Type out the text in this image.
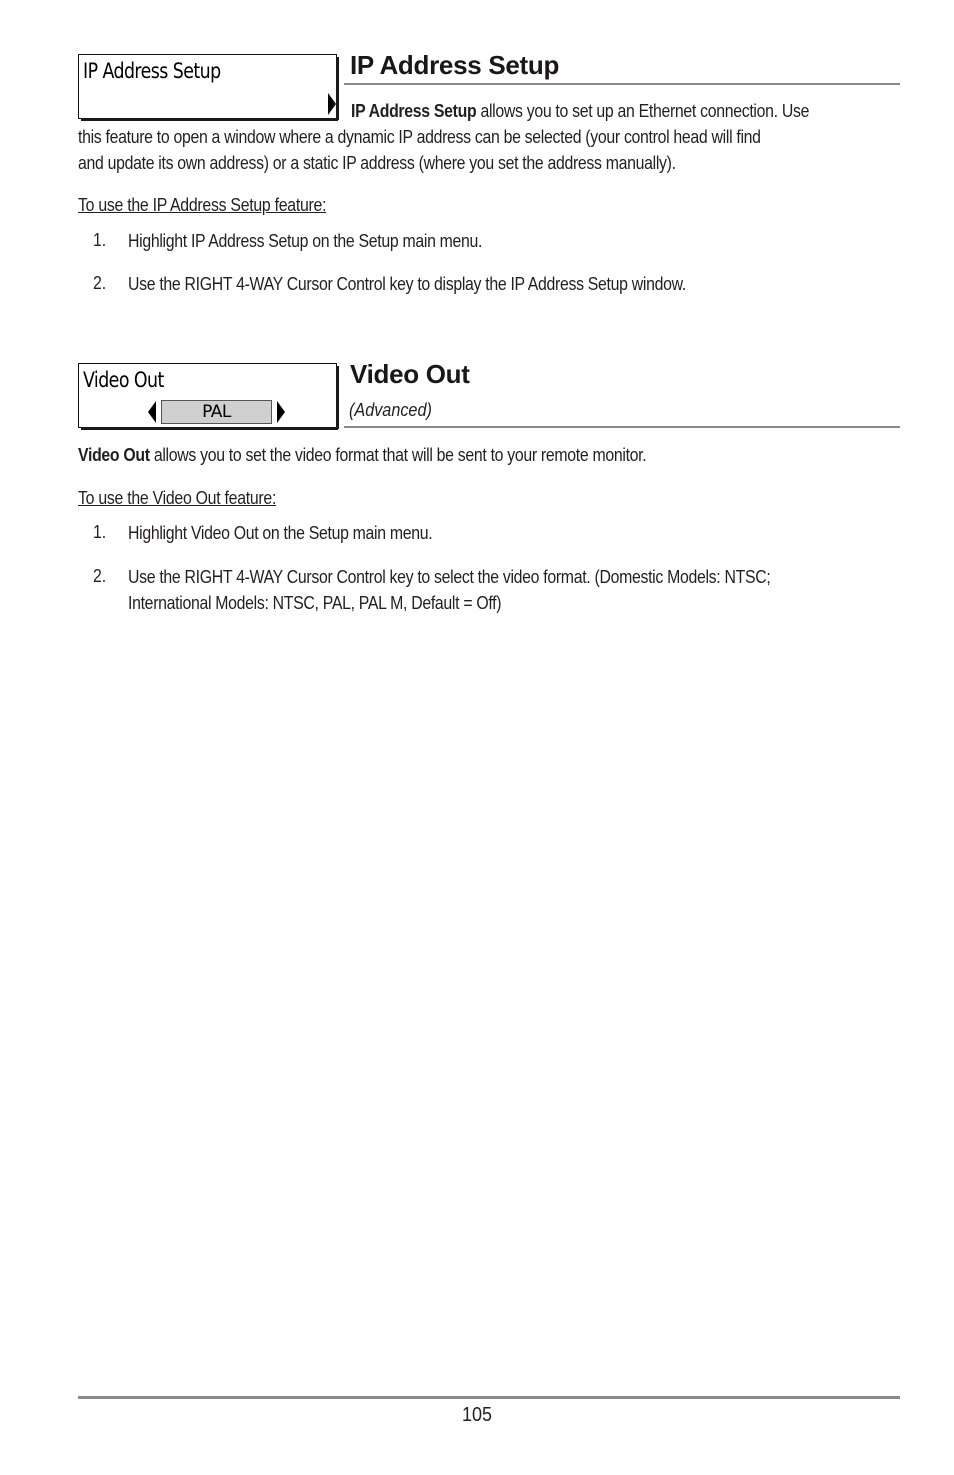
IP Address Setup	IP Address Setup
IP Address Setup allows you to set up an Ethernet connection. Use
this feature to open a window where a dynamic IP address can be selected (your control head will find
and update its own address) or a static IP address (where you set the address manually).
To use the IP Address Setup feature:
1. Highlight IP Address Setup on the Setup main menu.
2. Use the RIGHT 4-WAY Cursor Control key to display the IP Address Setup window.
Video Out
PAL
Video Out
(Advanced)
Video Out allows you to set the video format that will be sent to your remote monitor.
To use the Video Out feature:
1. Highlight Video Out on the Setup main menu.
2. Use the RIGHT 4-WAY Cursor Control key to select the video format. (Domestic Models: NTSC;
International Models: NTSC, PAL, PAL M, Default = Off)
105
